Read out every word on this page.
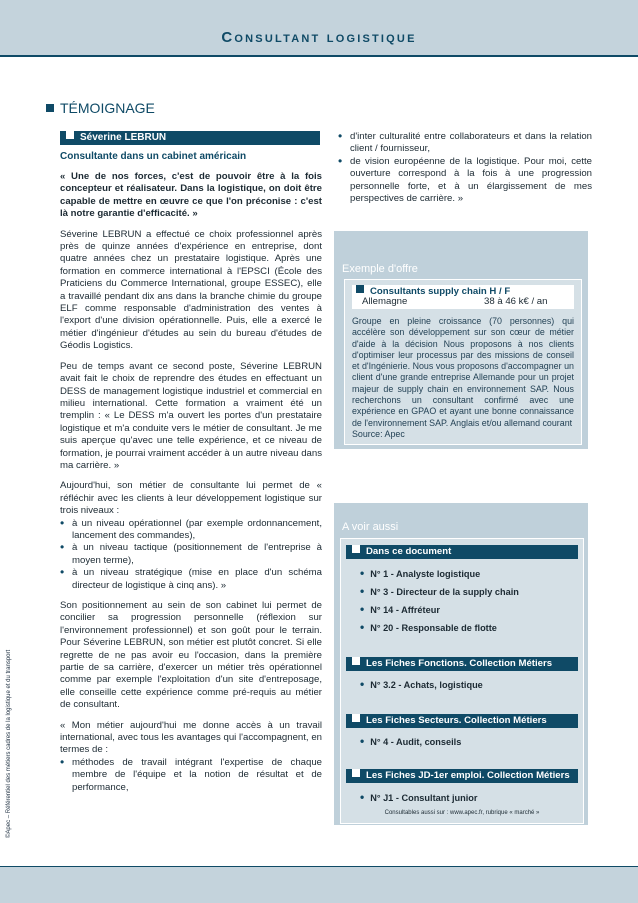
Consultant logistique
©Apec – Référentiel des métiers cadres de la logistique et du transport
TÉMOIGNAGE
Séverine LEBRUN
Consultante dans un cabinet américain

« Une de nos forces, c'est de pouvoir être à la fois concepteur et réalisateur. Dans la logistique, on doit être capable de mettre en œuvre ce que l'on préconise : c'est là notre garantie d'efficacité. »

Séverine LEBRUN a effectué ce choix professionnel après près de quinze années d'expérience en entreprise, dont quatre années chez un prestataire logistique. Après une formation en commerce international à l'EPSCI (École des Praticiens du Commerce International, groupe ESSEC), elle a travaillé pendant dix ans dans la branche chimie du groupe ELF comme responsable d'administration des ventes à l'export d'une division opérationnelle. Puis, elle a exercé le métier d'ingénieur d'études au sein du bureau d'études de Géodis Logistics.

Peu de temps avant ce second poste, Séverine LEBRUN avait fait le choix de reprendre des études en effectuant un DESS de management logistique industriel et commercial en milieu international. Cette formation a vraiment été un tremplin : « Le DESS m'a ouvert les portes d'un prestataire logistique et m'a conduite vers le métier de consultant. Je me suis aperçue qu'avec une telle expérience, et ce niveau de formation, je pourrai vraiment accéder à un autre niveau dans ma carrière. »

Aujourd'hui, son métier de consultante lui permet de « réfléchir avec les clients à leur développement logistique sur trois niveaux :

• à un niveau opérationnel (par exemple ordonnancement, lancement des commandes),
• à un niveau tactique (positionnement de l'entreprise à moyen terme),
• à un niveau stratégique (mise en place d'un schéma directeur de logistique à cinq ans). »

Son positionnement au sein de son cabinet lui permet de concilier sa progression personnelle (réflexion sur l'environnement professionnel) et son goût pour le terrain. Pour Séverine LEBRUN, son métier est plutôt concret. Si elle regrette de ne pas avoir eu l'occasion, dans la première partie de sa carrière, d'exercer un métier très opérationnel comme par exemple l'exploitation d'un site d'entreposage, elle conseille cette expérience comme pré-requis au métier de consultant.

« Mon métier aujourd'hui me donne accès à un travail international, avec tous les avantages qui l'accompagnent, en termes de :

• méthodes de travail intégrant l'expertise de chaque membre de l'équipe et la notion de résultat et de performance,
• d'inter culturalité entre collaborateurs et dans la relation client / fournisseur,
• de vision européenne de la logistique. Pour moi, cette ouverture correspond à la fois à une progression personnelle forte, et à un élargissement de mes perspectives de carrière. »
Exemple d'offre
Consultants supply chain H / F
Allemagne	38 à 46 k€ / an
Groupe en pleine croissance (70 personnes) qui accélère son développement sur son cœur de métier d'aide à la décision Nous proposons à nos clients d'optimiser leur processus par des missions de conseil et d'Ingénierie. Nous vous proposons d'accompagner un client d'une grande entreprise Allemande pour un projet majeur de supply chain en environnement SAP. Nous recherchons un consultant confirmé avec une expérience en GPAO et ayant une bonne connaissance de l'environnement SAP. Anglais et/ou allemand courant
Source: Apec
A voir aussi
Dans ce document
• N° 1 - Analyste logistique
• N° 3 - Directeur de la supply chain
• N° 14 - Affréteur
• N° 20 - Responsable de flotte
Les Fiches Fonctions. Collection Métiers
• N° 3.2 - Achats, logistique
Les Fiches Secteurs. Collection Métiers
• N° 4 - Audit, conseils
Les Fiches JD-1er emploi. Collection Métiers
• N° J1 - Consultant junior
Consultables aussi sur : www.apec.fr, rubrique « marché »
